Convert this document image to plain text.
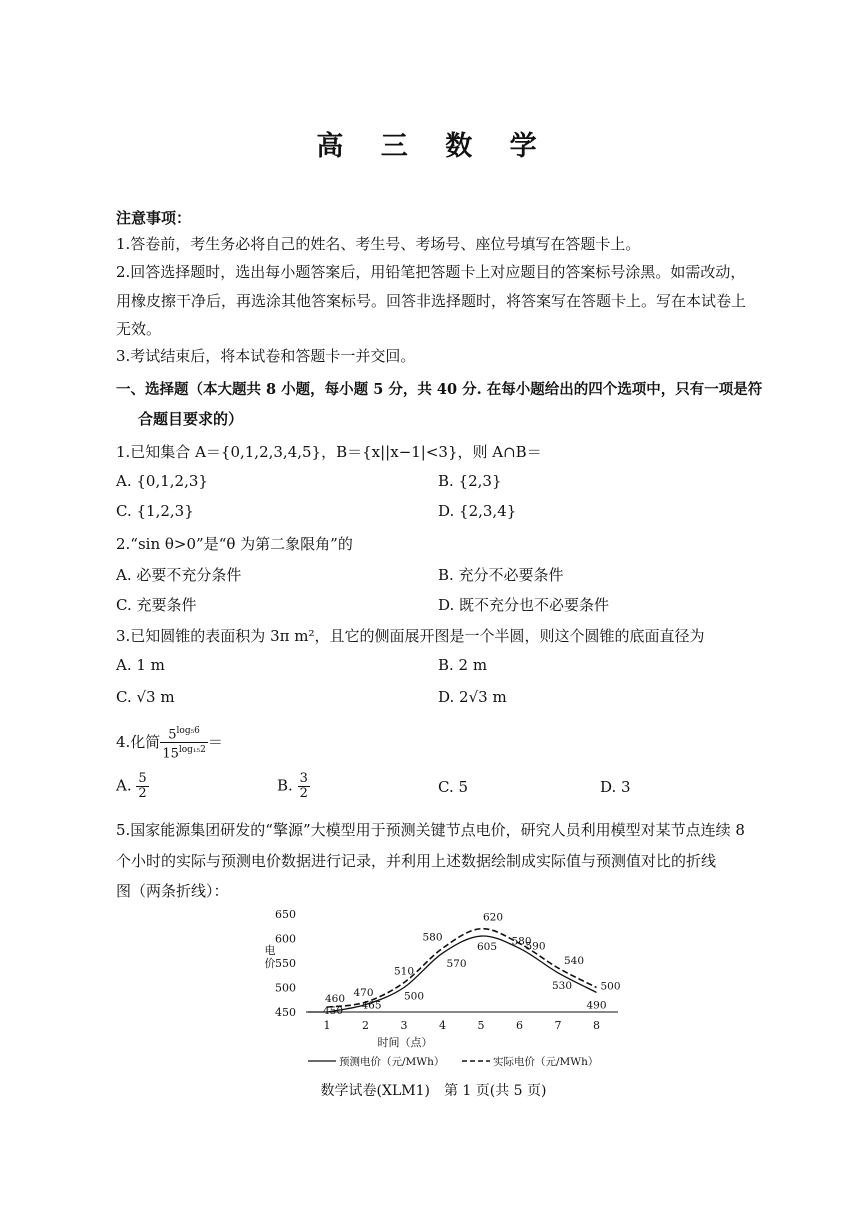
高 三 数 学
注意事项：
1.答卷前，考生务必将自己的姓名、考生号、考场号、座位号填写在答题卡上。
2.回答选择题时，选出每小题答案后，用铅笔把答题卡上对应题目的答案标号涂黑。如需改动，
用橡皮擦干净后，再选涂其他答案标号。回答非选择题时，将答案写在答题卡上。写在本试卷上
无效。
3.考试结束后，将本试卷和答题卡一并交回。
一、选择题（本大题共 8 小题，每小题 5 分，共 40 分. 在每小题给出的四个选项中，只有一项是符
合题目要求的）
1.已知集合 A＝{0,1,2,3,4,5}，B＝{x||x−1|<3}，则 A∩B＝
A. {0,1,2,3}	B. {2,3}
C. {1,2,3}	D. {2,3,4}
2.“sin θ>0”是“θ 为第二象限角”的
A. 必要不充分条件	B. 充分不必要条件
C. 充要条件	D. 既不充分也不必要条件
3.已知圆锥的表面积为 3π m²，且它的侧面展开图是一个半圆，则这个圆锥的底面直径为
A. 1 m	B. 2 m
C. √3 m	D. 2√3 m
4.化简 $\frac{5^{log_56}}{15^{log_{15}2}}$ ＝
A. $\frac{5}{2}$	B. $\frac{3}{2}$	C. 5	D. 3
5.国家能源集团研发的“擎源”大模型用于预测关键节点电价，研究人员利用模型对某节点连续 8
个小时的实际与预测电价数据进行记录，并利用上述数据绘制成实际值与预测值对比的折线
图（两条折线）：
450
500
550
600
650
电
价
1	2	3	4	5	6	7	8
时间（点）
450 465
500
570
605 580
530
490
460 470
510
580
620
590
540
500
预测电价（元/MWh）	实际电价（元/MWh）
数学试卷(XLM1)　第 1 页(共 5 页)
